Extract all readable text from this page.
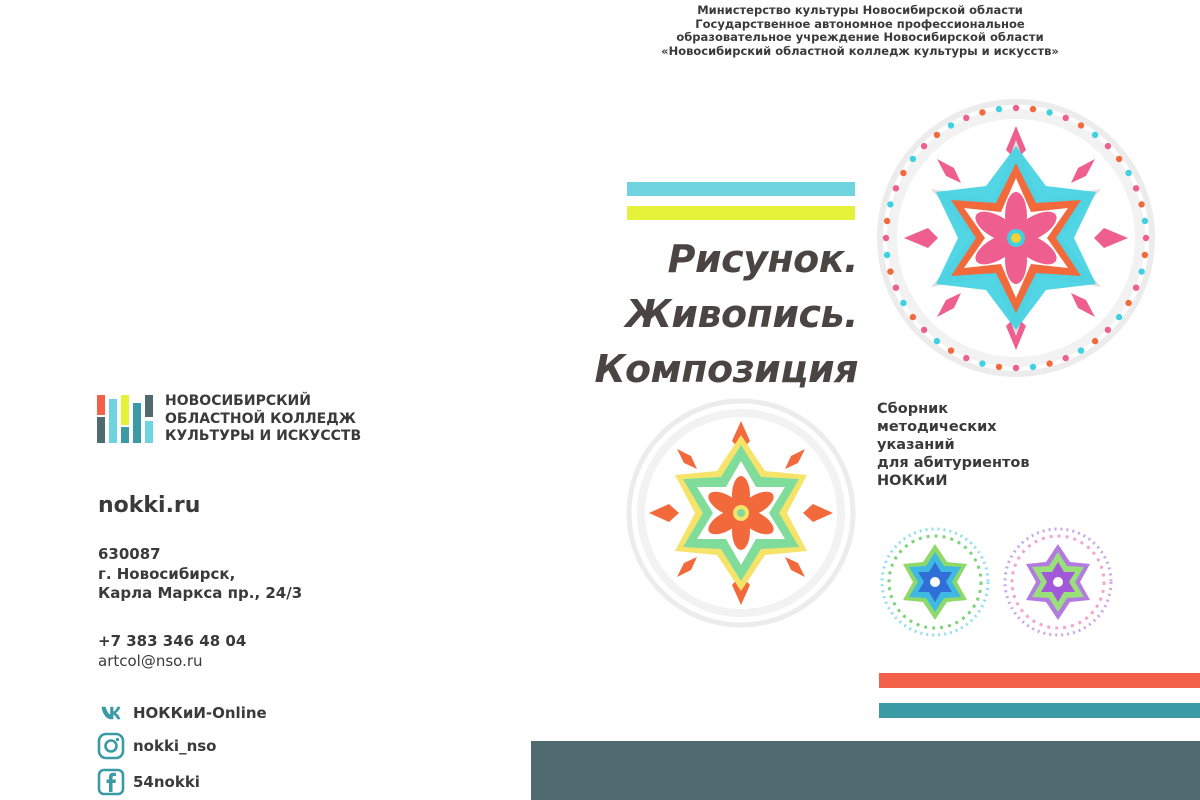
Министерство культуры Новосибирской области
Государственное автономное профессиональное
образовательное учреждение Новосибирской области
«Новосибирский областной колледж культуры и искусств»
Рисунок.
Живопись.
Композиция
Сборник
методических
указаний
для абитуриентов
НОККиИ
НОВОСИБИРСКИЙ
ОБЛАСТНОЙ КОЛЛЕДЖ
КУЛЬТУРЫ И ИСКУССТВ
nokki.ru
630087
г. Новосибирск,
Карла Маркса пр., 24/3
+7 383 346 48 04
artcol@nso.ru
НОККиИ-Online
nokki_nso
54nokki
